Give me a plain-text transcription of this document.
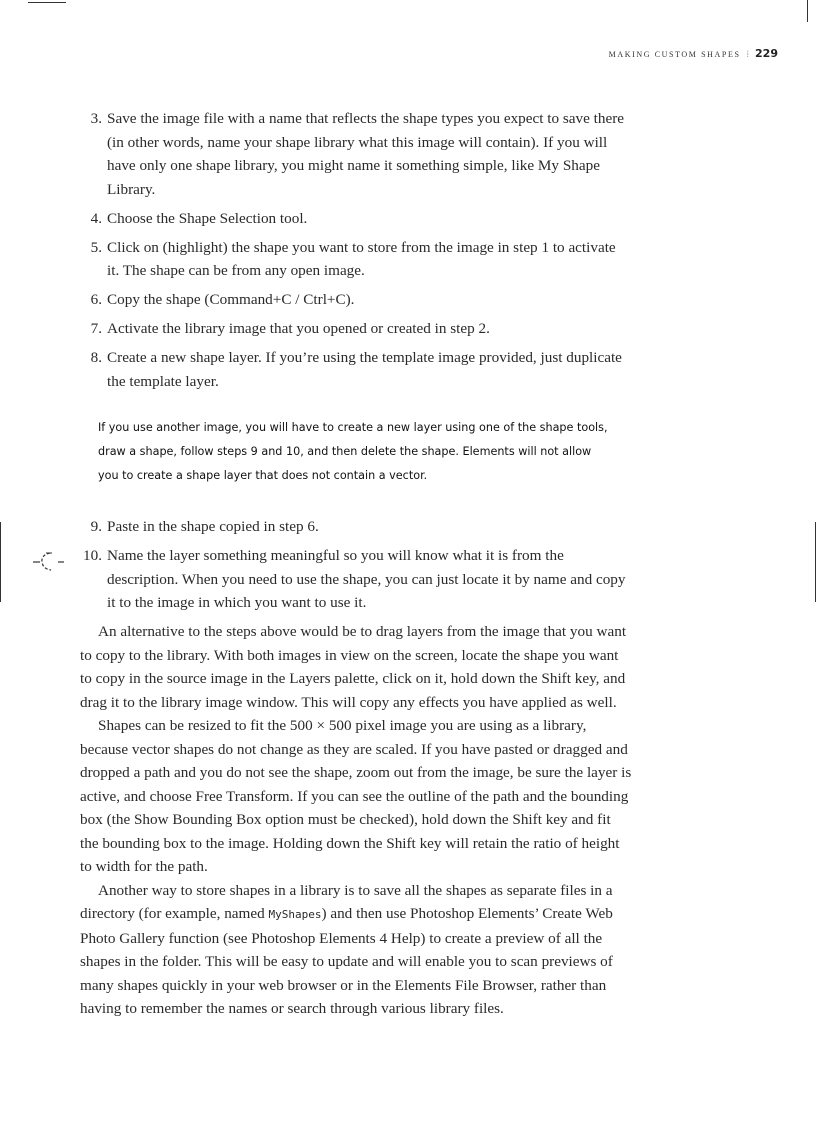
MAKING CUSTOM SHAPES ⁞ 229
3. Save the image file with a name that reflects the shape types you expect to save there (in other words, name your shape library what this image will contain). If you will have only one shape library, you might name it something simple, like My Shape Library.
4. Choose the Shape Selection tool.
5. Click on (highlight) the shape you want to store from the image in step 1 to activate it. The shape can be from any open image.
6. Copy the shape (Command+C / Ctrl+C).
7. Activate the library image that you opened or created in step 2.
8. Create a new shape layer. If you’re using the template image provided, just duplicate the template layer.

If you use another image, you will have to create a new layer using one of the shape tools, draw a shape, follow steps 9 and 10, and then delete the shape. Elements will not allow you to create a shape layer that does not contain a vector.

9. Paste in the shape copied in step 6.
10. Name the layer something meaningful so you will know what it is from the description. When you need to use the shape, you can just locate it by name and copy it to the image in which you want to use it.

An alternative to the steps above would be to drag layers from the image that you want to copy to the library. With both images in view on the screen, locate the shape you want to copy in the source image in the Layers palette, click on it, hold down the Shift key, and drag it to the library image window. This will copy any effects you have applied as well.

Shapes can be resized to fit the 500 × 500 pixel image you are using as a library, because vector shapes do not change as they are scaled. If you have pasted or dragged and dropped a path and you do not see the shape, zoom out from the image, be sure the layer is active, and choose Free Transform. If you can see the outline of the path and the bounding box (the Show Bounding Box option must be checked), hold down the Shift key and fit the bounding box to the image. Holding down the Shift key will retain the ratio of height to width for the path.

Another way to store shapes in a library is to save all the shapes as separate files in a directory (for example, named MyShapes) and then use Photoshop Elements’ Create Web Photo Gallery function (see Photoshop Elements 4 Help) to create a preview of all the shapes in the folder. This will be easy to update and will enable you to scan previews of many shapes quickly in your web browser or in the Elements File Browser, rather than having to remember the names or search through various library files.
